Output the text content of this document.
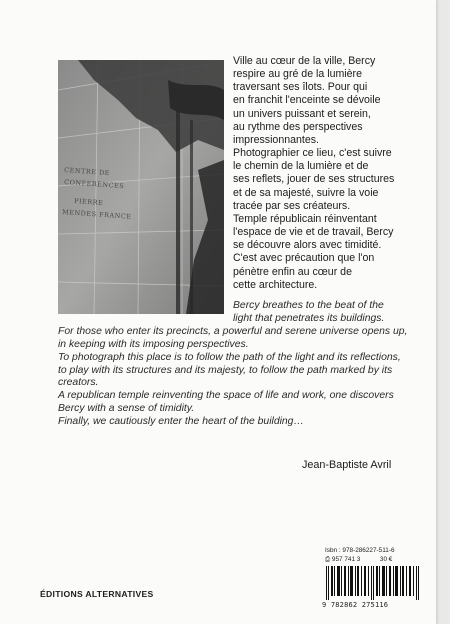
CENTRE DE
CONFERENCES
PIERRE
MENDES FRANCE

Ville au cœur de la ville, Bercy

respire au gré de la lumière

traversant ses îlots. Pour qui

en franchit l'enceinte se dévoile

un univers puissant et serein,

au rythme des perspectives

impressionnantes.

Photographier ce lieu, c'est suivre

le chemin de la lumière et de

ses reflets, jouer de ses structures

et de sa majesté, suivre la voie

tracée par ses créateurs.

Temple républicain réinventant

l'espace de vie et de travail, Bercy

se découvre alors avec timidité.

C'est avec précaution que l'on

pénètre enfin au cœur de

cette architecture.

Bercy breathes to the beat of the

light that penetrates its buildings.

For those who enter its precincts, a powerful and serene universe opens up,

in keeping with its imposing perspectives.

To photograph this place is to follow the path of the light and its reflections,

to play with its structures and its majesty, to follow the path marked by its

creators.

A republican temple reinventing the space of life and work, one discovers

Bercy with a sense of timidity.

Finally, we cautiously enter the heart of the building…

Jean-Baptiste Avril
ÉDITIONS ALTERNATIVES
Isbn : 978-286227-511-6
⎙ 957 741 3	30 €
9 782862 275116
